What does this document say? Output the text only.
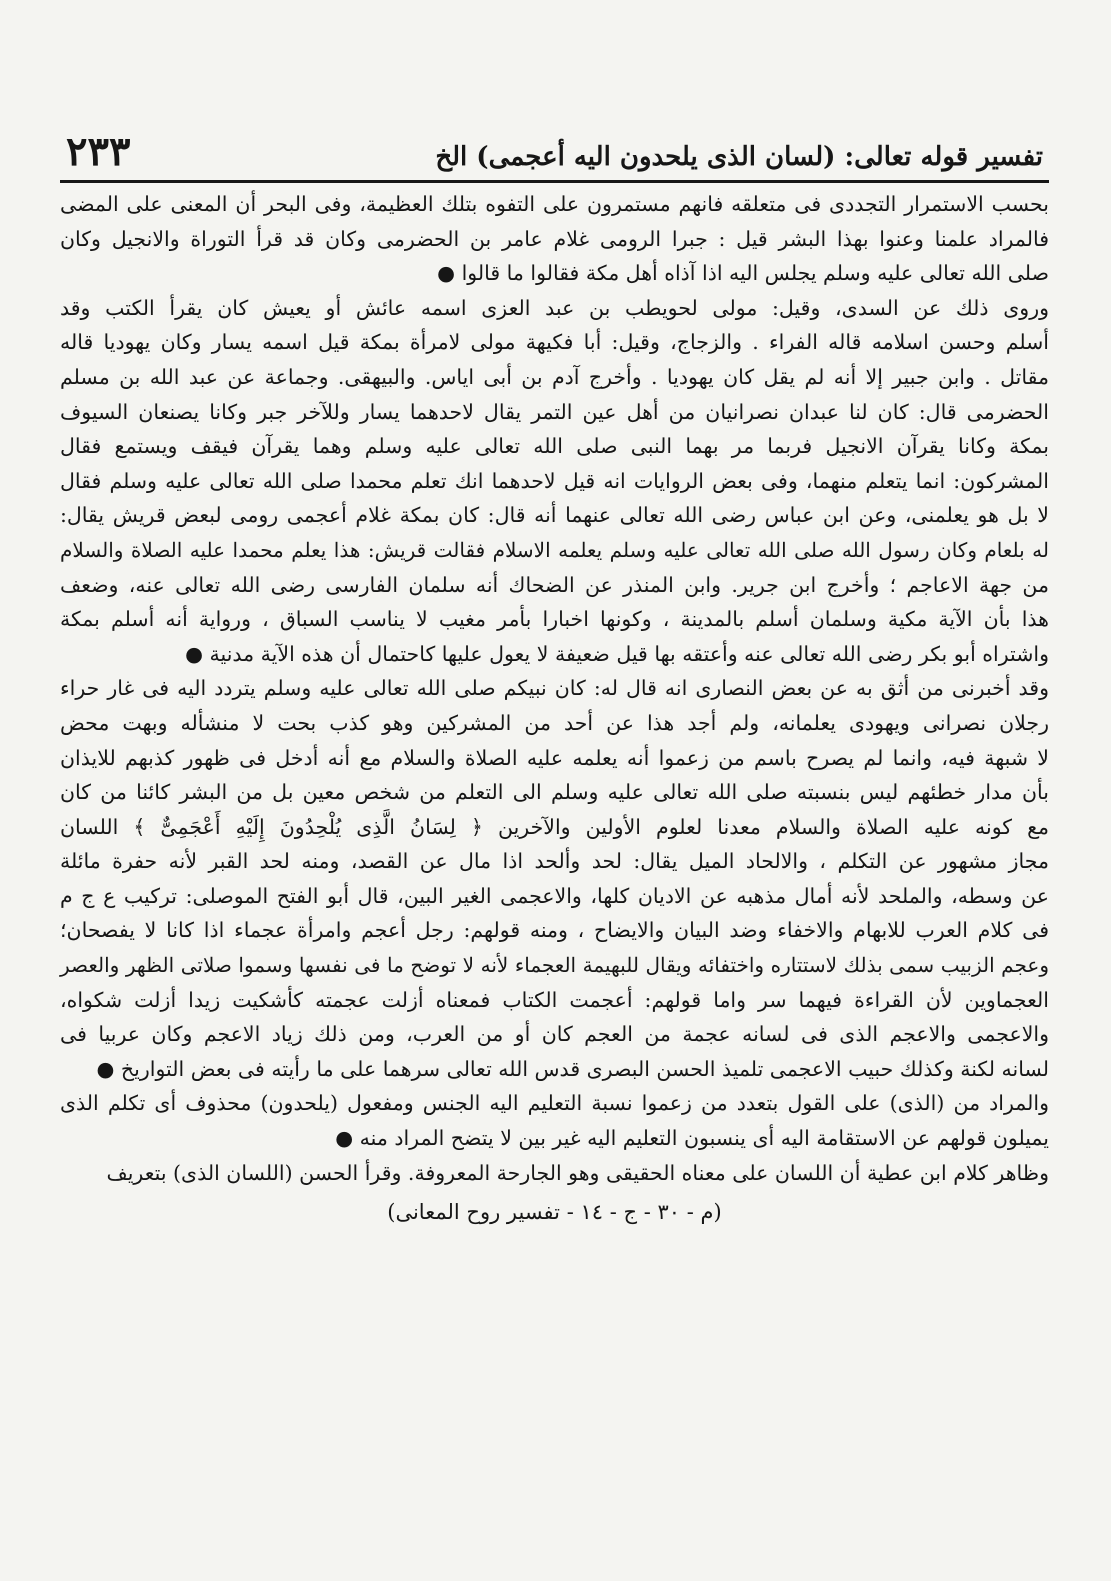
تفسير قوله تعالى: (لسان الذى يلحدون اليه أعجمى) الخ
٢٣٣

بحسب الاستمرار التجددى فى متعلقه فانهم مستمرون على التفوه بتلك العظيمة، وفى البحر أن المعنى على المضى
فالمراد علمنا وعنوا بهذا البشر قيل : جبرا الرومى غلام عامر بن الحضرمى وكان قد قرأ التوراة والانجيل وكان
صلى الله تعالى عليه وسلم يجلس اليه اذا آذاه أهل مكة فقالوا ما قالوا ●

وروى ذلك عن السدى، وقيل: مولى لحويطب بن عبد العزى اسمه عائش أو يعيش كان يقرأ الكتب وقد
أسلم وحسن اسلامه قاله الفراء . والزجاج، وقيل: أبا فكيهة مولى لامرأة بمكة قيل اسمه يسار وكان يهوديا قاله
مقاتل . وابن جبير إلا أنه لم يقل كان يهوديا . وأخرج آدم بن أبى اياس. والبيهقى. وجماعة عن عبد الله بن مسلم
الحضرمى قال: كان لنا عبدان نصرانيان من أهل عين التمر يقال لاحدهما يسار وللآخر جبر وكانا يصنعان السيوف
بمكة وكانا يقرآن الانجيل فربما مر بهما النبى صلى الله تعالى عليه وسلم وهما يقرآن فيقف ويستمع فقال
المشركون: انما يتعلم منهما، وفى بعض الروايات انه قيل لاحدهما انك تعلم محمدا صلى الله تعالى عليه وسلم فقال
لا بل هو يعلمنى، وعن ابن عباس رضى الله تعالى عنهما أنه قال: كان بمكة غلام أعجمى رومى لبعض قريش يقال:
له بلعام وكان رسول الله صلى الله تعالى عليه وسلم يعلمه الاسلام فقالت قريش: هذا يعلم محمدا عليه الصلاة والسلام
من جهة الاعاجم ؛ وأخرج ابن جرير. وابن المنذر عن الضحاك أنه سلمان الفارسى رضى الله تعالى عنه، وضعف
هذا بأن الآية مكية وسلمان أسلم بالمدينة ، وكونها اخبارا بأمر مغيب لا يناسب السباق ، ورواية أنه أسلم بمكة
واشتراه أبو بكر رضى الله تعالى عنه وأعتقه بها قيل ضعيفة لا يعول عليها كاحتمال أن هذه الآية مدنية ●

وقد أخبرنى من أثق به عن بعض النصارى انه قال له: كان نبيكم صلى الله تعالى عليه وسلم يتردد اليه فى غار حراء
رجلان نصرانى ويهودى يعلمانه، ولم أجد هذا عن أحد من المشركين وهو كذب بحت لا منشأله وبهت محض
لا شبهة فيه، وانما لم يصرح باسم من زعموا أنه يعلمه عليه الصلاة والسلام مع أنه أدخل فى ظهور كذبهم للايذان
بأن مدار خطئهم ليس بنسبته صلى الله تعالى عليه وسلم الى التعلم من شخص معين بل من البشر كائنا من كان
مع كونه عليه الصلاة والسلام معدنا لعلوم الأولين والآخرين ﴿ لِسَانُ الَّذِى يُلْحِدُونَ إِلَيْهِ أَعْجَمِىٌّ ﴾ اللسان
مجاز مشهور عن التكلم ، والالحاد الميل يقال: لحد وألحد اذا مال عن القصد، ومنه لحد القبر لأنه حفرة مائلة
عن وسطه، والملحد لأنه أمال مذهبه عن الاديان كلها، والاعجمى الغير البين، قال أبو الفتح الموصلى: تركيب ع ج م
فى كلام العرب للابهام والاخفاء وضد البيان والايضاح ، ومنه قولهم: رجل أعجم وامرأة عجماء اذا كانا لا يفصحان؛
وعجم الزبيب سمى بذلك لاستتاره واختفائه ويقال للبهيمة العجماء لأنه لا توضح ما فى نفسها وسموا صلاتى الظهر والعصر
العجماوين لأن القراءة فيهما سر واما قولهم: أعجمت الكتاب فمعناه أزلت عجمته كأشكيت زيدا أزلت شكواه،
والاعجمى والاعجم الذى فى لسانه عجمة من العجم كان أو من العرب، ومن ذلك زياد الاعجم وكان عربيا فى
لسانه لكنة وكذلك حبيب الاعجمى تلميذ الحسن البصرى قدس الله تعالى سرهما على ما رأيته فى بعض التواريخ ●

والمراد من (الذى) على القول بتعدد من زعموا نسبة التعليم اليه الجنس ومفعول (يلحدون) محذوف أى تكلم الذى
يميلون قولهم عن الاستقامة اليه أى ينسبون التعليم اليه غير بين لا يتضح المراد منه ●

وظاهر كلام ابن عطية أن اللسان على معناه الحقيقى وهو الجارحة المعروفة. وقرأ الحسن (اللسان الذى) بتعريف

(م - ٣٠ - ج - ١٤ - تفسير روح المعانى)
